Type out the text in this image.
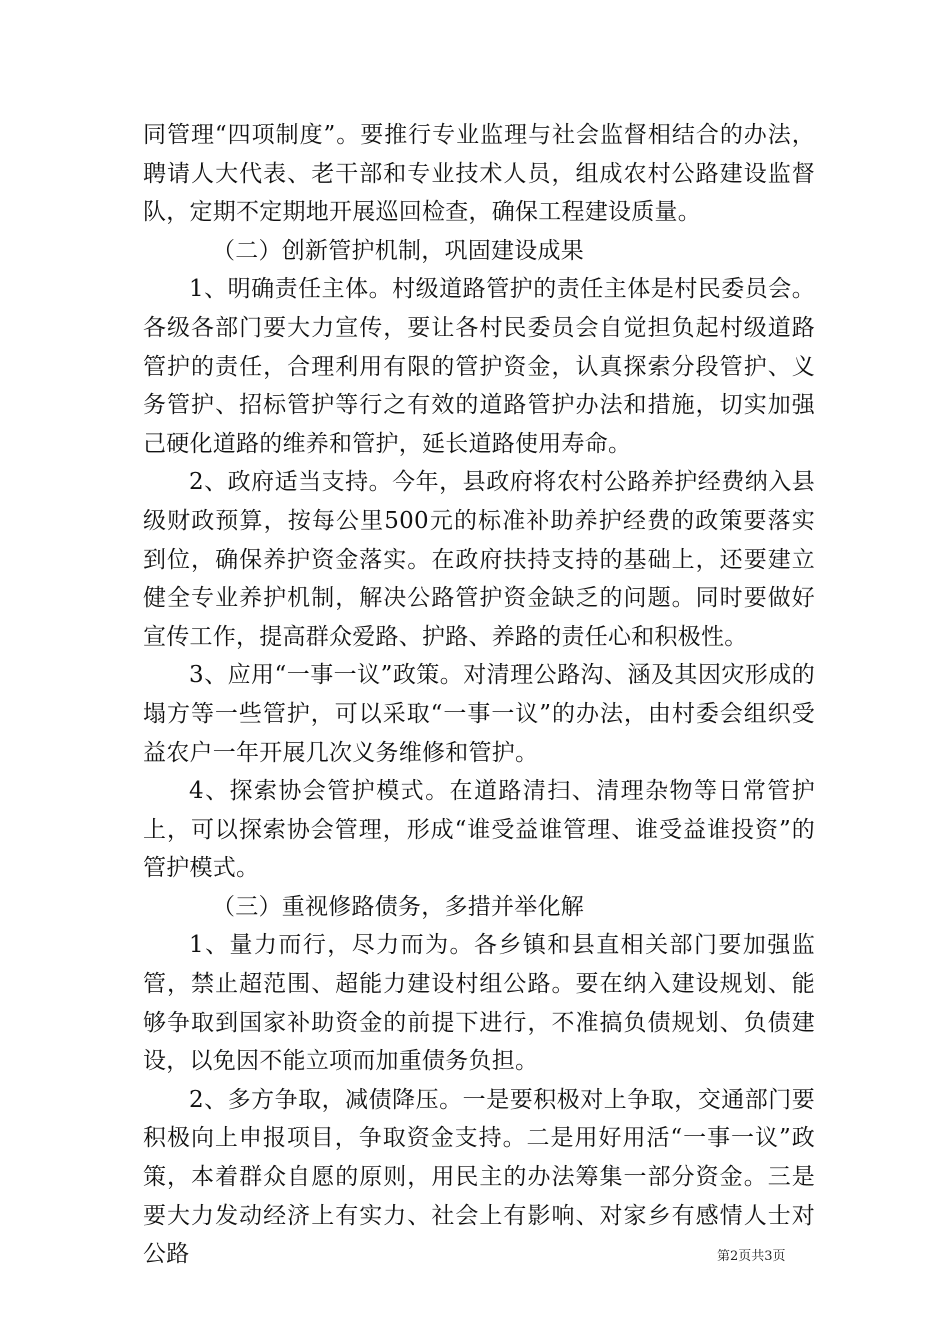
同管理“四项制度”。要推行专业监理与社会监督相结合的办法，聘请人大代表、老干部和专业技术人员，组成农村公路建设监督队，定期不定期地开展巡回检查，确保工程建设质量。

（二）创新管护机制，巩固建设成果

1、明确责任主体。村级道路管护的责任主体是村民委员会。各级各部门要大力宣传，要让各村民委员会自觉担负起村级道路管护的责任，合理利用有限的管护资金，认真探索分段管护、义务管护、招标管护等行之有效的道路管护办法和措施，切实加强己硬化道路的维养和管护，延长道路使用寿命。

2、政府适当支持。今年，县政府将农村公路养护经费纳入县级财政预算，按每公里500元的标准补助养护经费的政策要落实到位，确保养护资金落实。在政府扶持支持的基础上，还要建立健全专业养护机制，解决公路管护资金缺乏的问题。同时要做好宣传工作，提高群众爱路、护路、养路的责任心和积极性。

3、应用“一事一议”政策。对清理公路沟、涵及其因灾形成的塌方等一些管护，可以采取“一事一议”的办法，由村委会组织受益农户一年开展几次义务维修和管护。

4、探索协会管护模式。在道路清扫、清理杂物等日常管护上，可以探索协会管理，形成“谁受益谁管理、谁受益谁投资”的管护模式。

（三）重视修路债务，多措并举化解

1、量力而行，尽力而为。各乡镇和县直相关部门要加强监管，禁止超范围、超能力建设村组公路。要在纳入建设规划、能够争取到国家补助资金的前提下进行，不准搞负债规划、负债建设，以免因不能立项而加重债务负担。

2、多方争取，减债降压。一是要积极对上争取，交通部门要积极向上申报项目，争取资金支持。二是用好用活“一事一议”政策，本着群众自愿的原则，用民主的办法筹集一部分资金。三是要大力发动经济上有实力、社会上有影响、对家乡有感情人士对公路	第2页共3页
